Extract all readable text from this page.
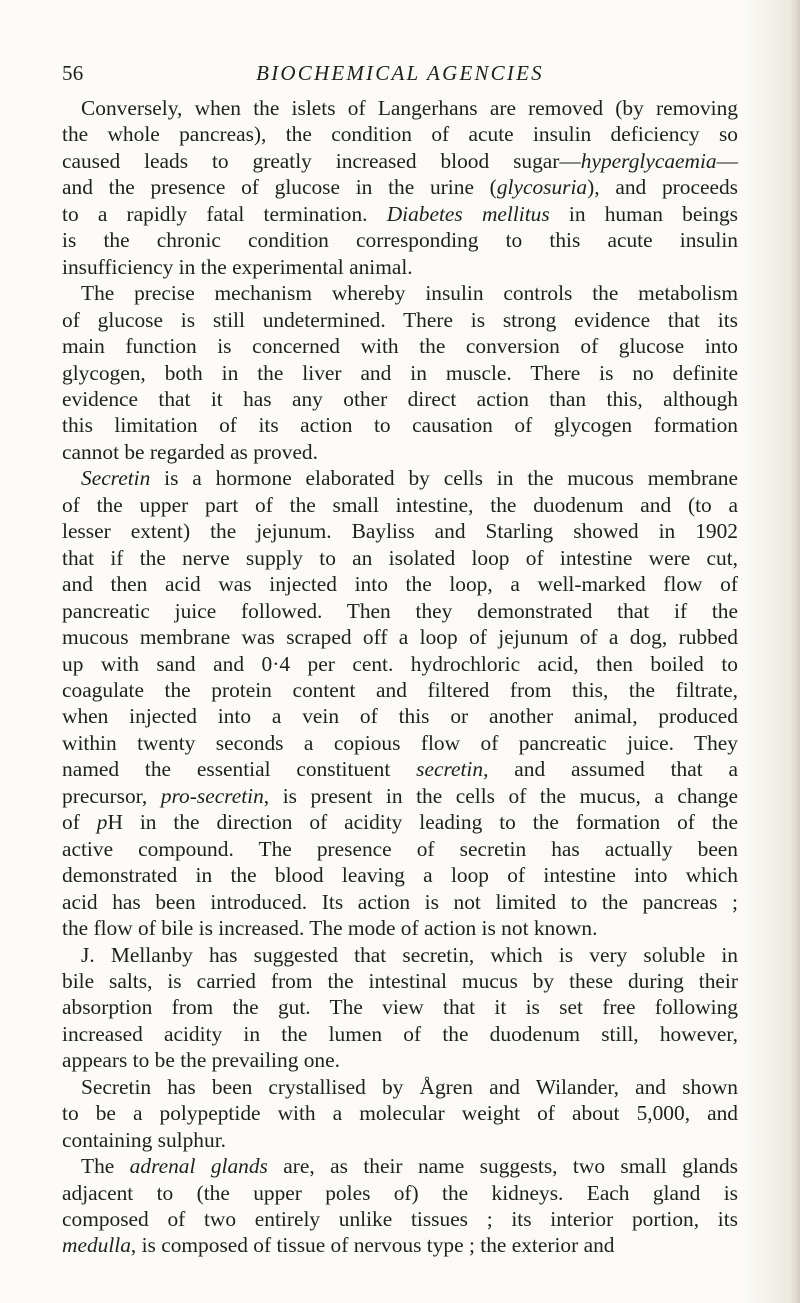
56	BIOCHEMICAL AGENCIES
Conversely, when the islets of Langerhans are removed (by removing
the whole pancreas), the condition of acute insulin deficiency so
caused leads to greatly increased blood sugar—hyperglycaemia—
and the presence of glucose in the urine (glycosuria), and proceeds
to a rapidly fatal termination. Diabetes mellitus in human beings
is the chronic condition corresponding to this acute insulin
insufficiency in the experimental animal.
The precise mechanism whereby insulin controls the metabolism
of glucose is still undetermined. There is strong evidence that its
main function is concerned with the conversion of glucose into
glycogen, both in the liver and in muscle. There is no definite
evidence that it has any other direct action than this, although
this limitation of its action to causation of glycogen formation
cannot be regarded as proved.
Secretin is a hormone elaborated by cells in the mucous membrane
of the upper part of the small intestine, the duodenum and (to a
lesser extent) the jejunum. Bayliss and Starling showed in 1902
that if the nerve supply to an isolated loop of intestine were cut,
and then acid was injected into the loop, a well-marked flow of
pancreatic juice followed. Then they demonstrated that if the
mucous membrane was scraped off a loop of jejunum of a dog, rubbed
up with sand and 0·4 per cent. hydrochloric acid, then boiled to
coagulate the protein content and filtered from this, the filtrate,
when injected into a vein of this or another animal, produced
within twenty seconds a copious flow of pancreatic juice. They
named the essential constituent secretin, and assumed that a
precursor, pro-secretin, is present in the cells of the mucus, a change
of pH in the direction of acidity leading to the formation of the
active compound. The presence of secretin has actually been
demonstrated in the blood leaving a loop of intestine into which
acid has been introduced. Its action is not limited to the pancreas ;
the flow of bile is increased. The mode of action is not known.
J. Mellanby has suggested that secretin, which is very soluble in
bile salts, is carried from the intestinal mucus by these during their
absorption from the gut. The view that it is set free following
increased acidity in the lumen of the duodenum still, however,
appears to be the prevailing one.
Secretin has been crystallised by Ågren and Wilander, and shown
to be a polypeptide with a molecular weight of about 5,000, and
containing sulphur.
The adrenal glands are, as their name suggests, two small glands
adjacent to (the upper poles of) the kidneys. Each gland is
composed of two entirely unlike tissues ; its interior portion, its
medulla, is composed of tissue of nervous type ; the exterior and
